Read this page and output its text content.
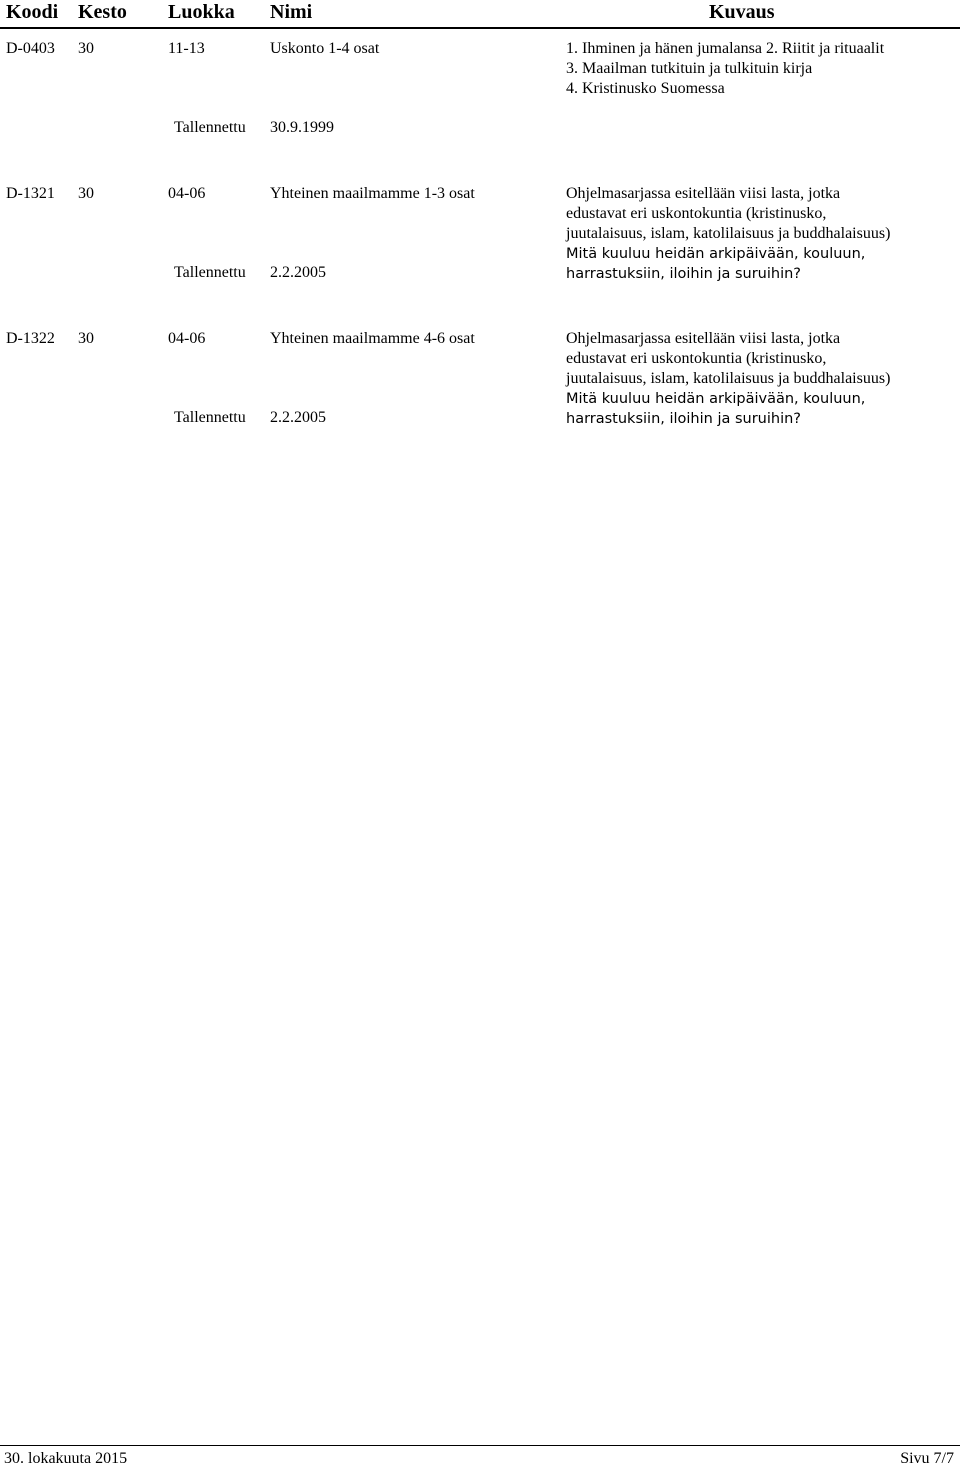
Koodi Kesto Luokka Nimi	Kuvaus
D-0403 30	11-13	Uskonto 1-4 osat	1. Ihminen ja hänen jumalansa 2. Riitit ja rituaalit
3. Maailman tutkituin ja tulkituin kirja
4. Kristinusko Suomessa
Tallennettu 30.9.1999
D-1321 30	04-06	Yhteinen maailmamme 1-3 osat	Ohjelmasarjassa esitellään viisi lasta, jotka
edustavat eri uskontokuntia (kristinusko,
juutalaisuus, islam, katolilaisuus ja buddhalaisuus)
Mitä kuuluu heidän arkipäivään, kouluun,
harrastuksiin, iloihin ja suruihin?
Tallennettu 2.2.2005
D-1322 30	04-06	Yhteinen maailmamme 4-6 osat	Ohjelmasarjassa esitellään viisi lasta, jotka
edustavat eri uskontokuntia (kristinusko,
juutalaisuus, islam, katolilaisuus ja buddhalaisuus)
Mitä kuuluu heidän arkipäivään, kouluun,
harrastuksiin, iloihin ja suruihin?
Tallennettu 2.2.2005
30. lokakuuta 2015	Sivu 7/7
